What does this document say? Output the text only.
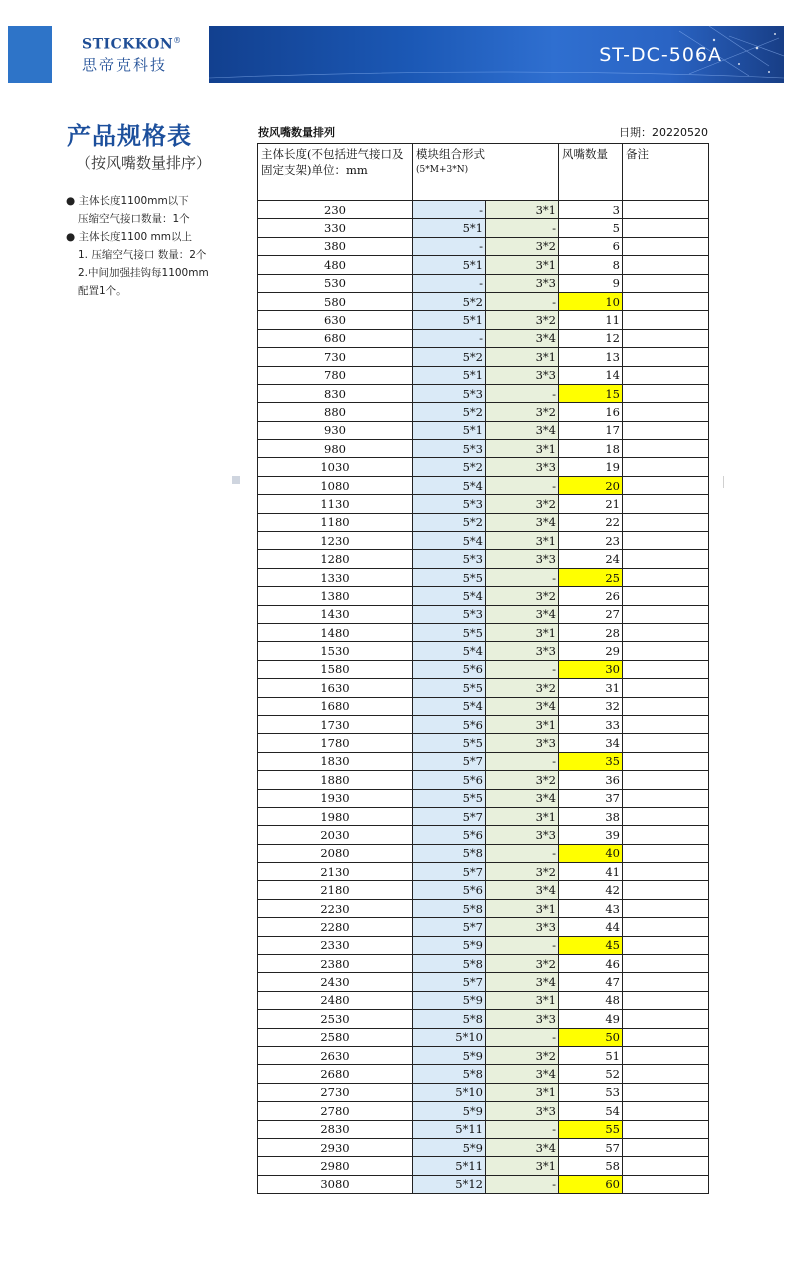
STICKKON®
思帝克科技	ST-DC-506A
产品规格表
（按风嘴数量排序）
● 主体长度1100mm以下
压缩空气接口数量：1个
● 主体长度1100 mm以上
1. 压缩空气接口 数量：2个
2.中间加强挂钩每1100mm
配置1个。
按风嘴数量排列	日期：20220520
主体长度(不包括进气接口及固定支架)单位：mm	模块组合形式
(5*M+3*N)		风嘴数量	备注
230	-	3*1	3	
330	5*1	-	5	
380	-	3*2	6	
480	5*1	3*1	8	
530	-	3*3	9	
580	5*2	-	10	
630	5*1	3*2	11	
680	-	3*4	12	
730	5*2	3*1	13	
780	5*1	3*3	14	
830	5*3	-	15	
880	5*2	3*2	16	
930	5*1	3*4	17	
980	5*3	3*1	18	
1030	5*2	3*3	19	
1080	5*4	-	20	
1130	5*3	3*2	21	
1180	5*2	3*4	22	
1230	5*4	3*1	23	
1280	5*3	3*3	24	
1330	5*5	-	25	
1380	5*4	3*2	26	
1430	5*3	3*4	27	
1480	5*5	3*1	28	
1530	5*4	3*3	29	
1580	5*6	-	30	
1630	5*5	3*2	31	
1680	5*4	3*4	32	
1730	5*6	3*1	33	
1780	5*5	3*3	34	
1830	5*7	-	35	
1880	5*6	3*2	36	
1930	5*5	3*4	37	
1980	5*7	3*1	38	
2030	5*6	3*3	39	
2080	5*8	-	40	
2130	5*7	3*2	41	
2180	5*6	3*4	42	
2230	5*8	3*1	43	
2280	5*7	3*3	44	
2330	5*9	-	45	
2380	5*8	3*2	46	
2430	5*7	3*4	47	
2480	5*9	3*1	48	
2530	5*8	3*3	49	
2580	5*10	-	50	
2630	5*9	3*2	51	
2680	5*8	3*4	52	
2730	5*10	3*1	53	
2780	5*9	3*3	54	
2830	5*11	-	55	
2930	5*9	3*4	57	
2980	5*11	3*1	58	
3080	5*12	-	60	
